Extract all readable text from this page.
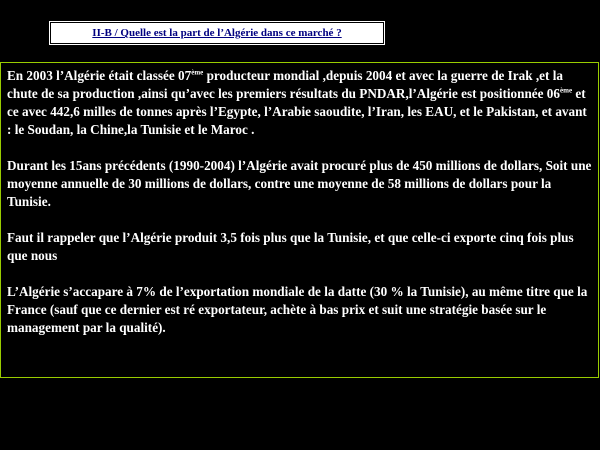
II-B / Quelle est la part de l’Algérie dans ce marché ?

En 2003 l’Algérie était classée 07ème producteur mondial ,depuis 2004 et avec la guerre de Irak ,et la chute de sa production ,ainsi qu’avec les premiers résultats du PNDAR,l’Algérie est positionnée 06ème et ce avec 442,6 milles de tonnes après l’Egypte, l’Arabie saoudite, l’Iran, les EAU, et le Pakistan, et avant : le Soudan, la Chine,la Tunisie et le Maroc .

Durant les 15ans précédents (1990-2004) l’Algérie avait procuré plus de 450 millions de dollars, Soit une moyenne annuelle de 30 millions de dollars, contre une moyenne de 58 millions de dollars pour la Tunisie.

Faut il rappeler que l’Algérie produit 3,5 fois plus que la Tunisie, et que celle-ci exporte cinq fois plus que nous

L’Algérie s’accapare à 7% de l’exportation mondiale de la datte (30 % la Tunisie), au même titre que la France (sauf que ce dernier est ré exportateur, achète à bas prix et suit une stratégie basée sur le management par la qualité).
